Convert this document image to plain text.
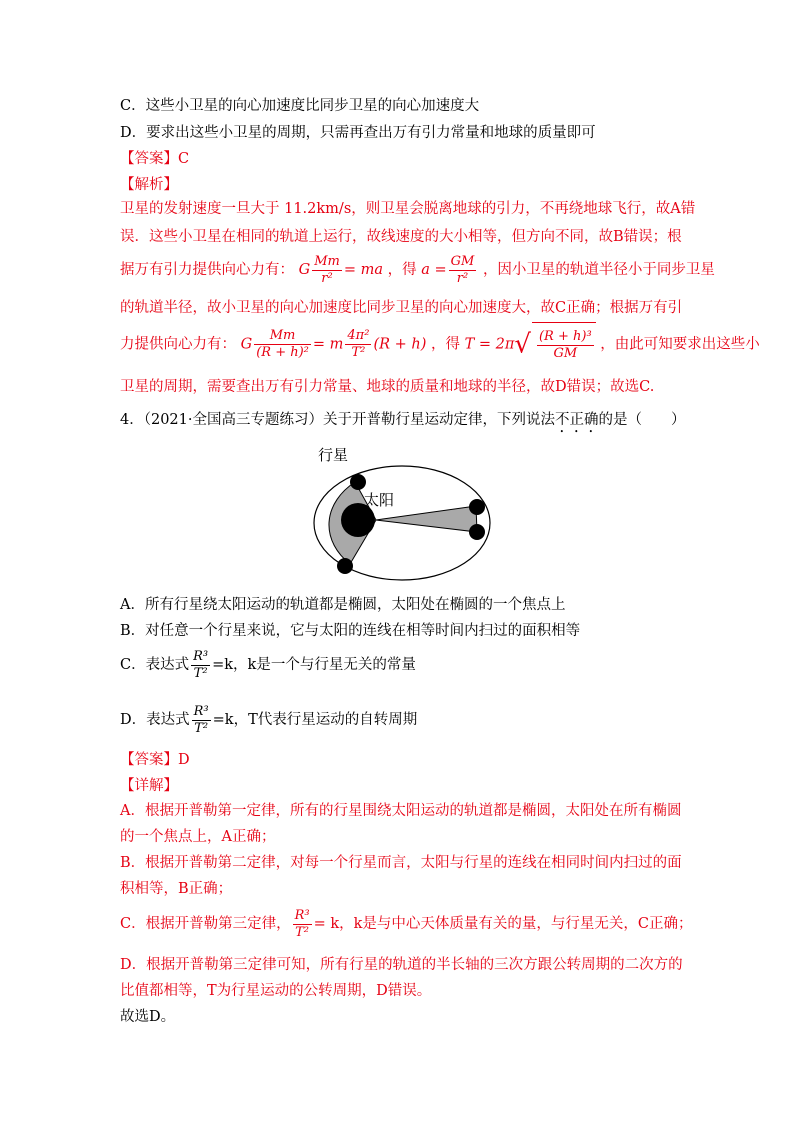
C．这些小卫星的向心加速度比同步卫星的向心加速度大
D．要求出这些小卫星的周期，只需再查出万有引力常量和地球的质量即可
【答案】C
【解析】
卫星的发射速度一旦大于 11.2km/s，则卫星会脱离地球的引力，不再绕地球飞行，故A错
误．这些小卫星在相同的轨道上运行，故线速度的大小相等，但方向不同，故B错误；根
据万有引力提供向心力有： G $\frac{Mm}{\text{r²}}$ = ma ，得 $a = \frac{GM}{\text{r²}}$ ，因小卫星的轨道半径小于同步卫星
的轨道半径，故小卫星的向心加速度比同步卫星的向心加速度大，故C正确；根据万有引
力提供向心力有： G $\frac{Mm}{\text{(R + h)²}} = m \frac{\text{4π²}}{\text{T²}} (R + h)$ ，得 $T = 2\pi√ \frac{\text{(R + h)³}}{GM}$ ，由此可知要求出这些小
卫星的周期，需要查出万有引力常量、地球的质量和地球的半径，故D错误；故选C.
4．（2021·全国高三专题练习）关于开普勒行星运动定律，下列说法不正确的是（　　）
行星
太阳
A．所有行星绕太阳运动的轨道都是椭圆，太阳处在椭圆的一个焦点上
B．对任意一个行星来说，它与太阳的连线在相等时间内扫过的面积相等
C．表达式 $\frac{\text{R³}}{\text{T²}} =k$，k是一个与行星无关的常量
D．表达式 $\frac{\text{R³}}{\text{T²}} =k$，T代表行星运动的自转周期
【答案】D
【详解】
A．根据开普勒第一定律，所有的行星围绕太阳运动的轨道都是椭圆，太阳处在所有椭圆
的一个焦点上，A正确；
B．根据开普勒第二定律，对每一个行星而言，太阳与行星的连线在相同时间内扫过的面
积相等，B正确；
C．根据开普勒第三定律， $\frac{\text{R³}}{\text{T²}} = k$，k是与中心天体质量有关的量，与行星无关，C正确；
D．根据开普勒第三定律可知，所有行星的轨道的半长轴的三次方跟公转周期的二次方的
比值都相等，T为行星运动的公转周期，D错误。
故选D。
